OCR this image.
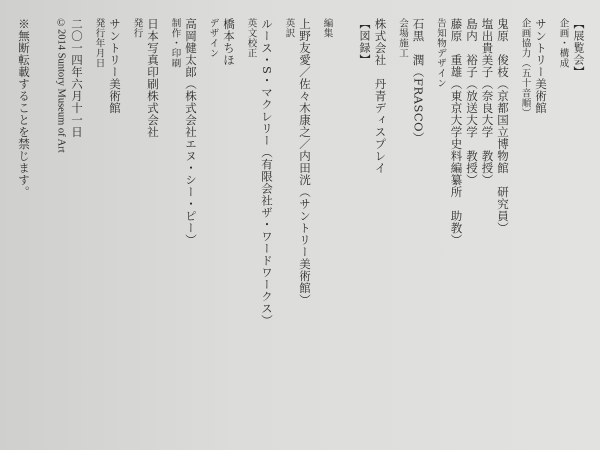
【展覧会】

企画・構成

サントリー美術館

企画協力（五十音順）

鬼原　俊枝（京都国立博物館　研究員）

塩出貴美子（奈良大学　教授）

島内　裕子（放送大学　教授）

藤原　重雄（東京大学史料編纂所　助教）

告知物デザイン

石黒　潤（FRASCO）

会場施工

株式会社　丹青ディスプレイ

【図録】

編集

上野友愛／佐々木康之／内田洸（サントリー美術館）

英訳

ルース・S・マクレリー（有限会社ザ・ワードワークス）

英文校正

橋本ちほ

デザイン

高岡健太郎（株式会社エヌ・シー・ピー）

制作・印刷

日本写真印刷株式会社

発行

サントリー美術館

発行年月日

二〇一四年六月十一日

©2014 Suntory Museum of Art

※無断転載することを禁じます。
